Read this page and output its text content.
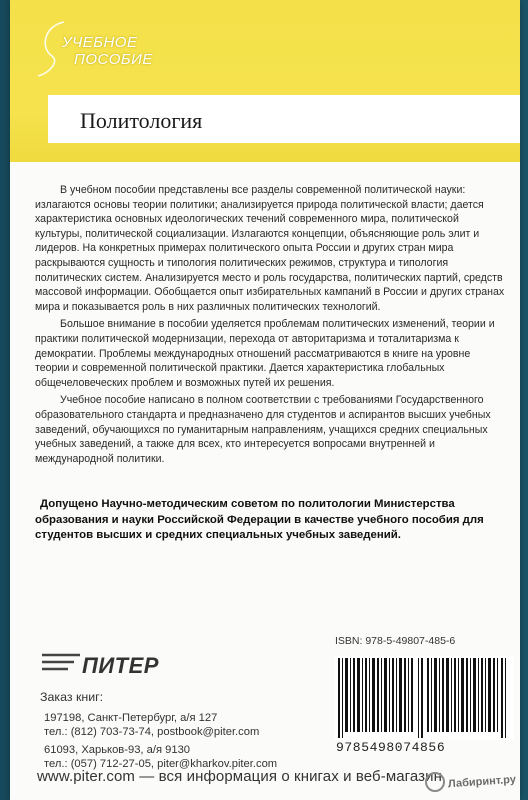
УЧЕБНОЕ
ПОСОБИЕ
Политология

В учебном пособии представлены все разделы современной политической науки: излагаются основы теории политики; анализируется природа политической власти; дается характеристика основных идеологических течений современного мира, политической культуры, политической социализации. Излагаются концепции, объясняющие роль элит и лидеров. На конкретных примерах политического опыта России и других стран мира раскрываются сущность и типология политических режимов, структура и типология политических систем. Анализируется место и роль государства, политических партий, средств массовой информации. Обобщается опыт избирательных кампаний в России и других странах мира и показывается роль в них различных политических технологий.

Большое внимание в пособии уделяется проблемам политических изменений, теории и практики политической модернизации, перехода от авторитаризма и тоталитаризма к демократии. Проблемы международных отношений рассматриваются в книге на уровне теории и современной политической практики. Дается характеристика глобальных общечеловеческих проблем и возможных путей их решения.

Учебное пособие написано в полном соответствии с требованиями Государственного образовательного стандарта и предназначено для студентов и аспирантов высших учебных заведений, обучающихся по гуманитарным направлениям, учащихся средних специальных учебных заведений, а также для всех, кто интересуется вопросами внутренней и международной политики.

Допущено Научно-методическим советом по политологии Министерства образования и науки Российской Федерации в качестве учебного пособия для студентов высших и средних специальных учебных заведений.
ISBN: 978-5-49807-485-6
9785498074856
ПИТЕР
Заказ книг:
197198, Санкт-Петербург, а/я 127
тел.: (812) 703-73-74, postbook@piter.com
61093, Харьков-93, а/я 9130
тел.: (057) 712-27-05, piter@kharkov.piter.com
www.piter.com — вся информация о книгах и веб-магазин Лабиринт.ру
